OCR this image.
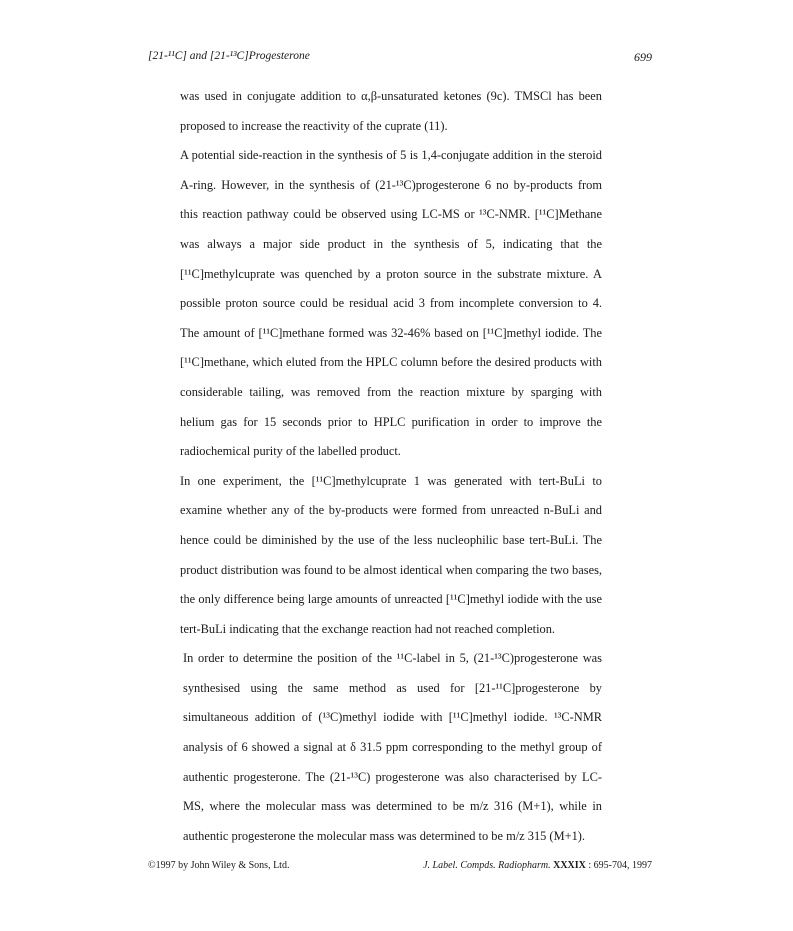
[21-¹¹C] and [21-¹³C]Progesterone	699

was used in conjugate addition to α,β-unsaturated ketones (9c). TMSCl has been proposed to increase the reactivity of the cuprate (11).

A potential side-reaction in the synthesis of 5 is 1,4-conjugate addition in the steroid A-ring. However, in the synthesis of (21-¹³C)progesterone 6 no by-products from this reaction pathway could be observed using LC-MS or ¹³C-NMR. [¹¹C]Methane was always a major side product in the synthesis of 5, indicating that the [¹¹C]methylcuprate was quenched by a proton source in the substrate mixture. A possible proton source could be residual acid 3 from incomplete conversion to 4. The amount of [¹¹C]methane formed was 32-46% based on [¹¹C]methyl iodide. The [¹¹C]methane, which eluted from the HPLC column before the desired products with considerable tailing, was removed from the reaction mixture by sparging with helium gas for 15 seconds prior to HPLC purification in order to improve the radiochemical purity of the labelled product.

In one experiment, the [¹¹C]methylcuprate 1 was generated with tert-BuLi to examine whether any of the by-products were formed from unreacted n-BuLi and hence could be diminished by the use of the less nucleophilic base tert-BuLi. The product distribution was found to be almost identical when comparing the two bases, the only difference being large amounts of unreacted [¹¹C]methyl iodide with the use tert-BuLi indicating that the exchange reaction had not reached completion.

In order to determine the position of the ¹¹C-label in 5, (21-¹³C)progesterone was synthesised using the same method as used for [21-¹¹C]progesterone by simultaneous addition of (¹³C)methyl iodide with [¹¹C]methyl iodide. ¹³C-NMR analysis of 6 showed a signal at δ 31.5 ppm corresponding to the methyl group of authentic progesterone. The (21-¹³C) progesterone was also characterised by LC-MS, where the molecular mass was determined to be m/z 316 (M+1), while in authentic progesterone the molecular mass was determined to be m/z 315 (M+1).

©1997 by John Wiley & Sons, Ltd.	J. Label. Compds. Radiopharm. XXXIX : 695-704, 1997
